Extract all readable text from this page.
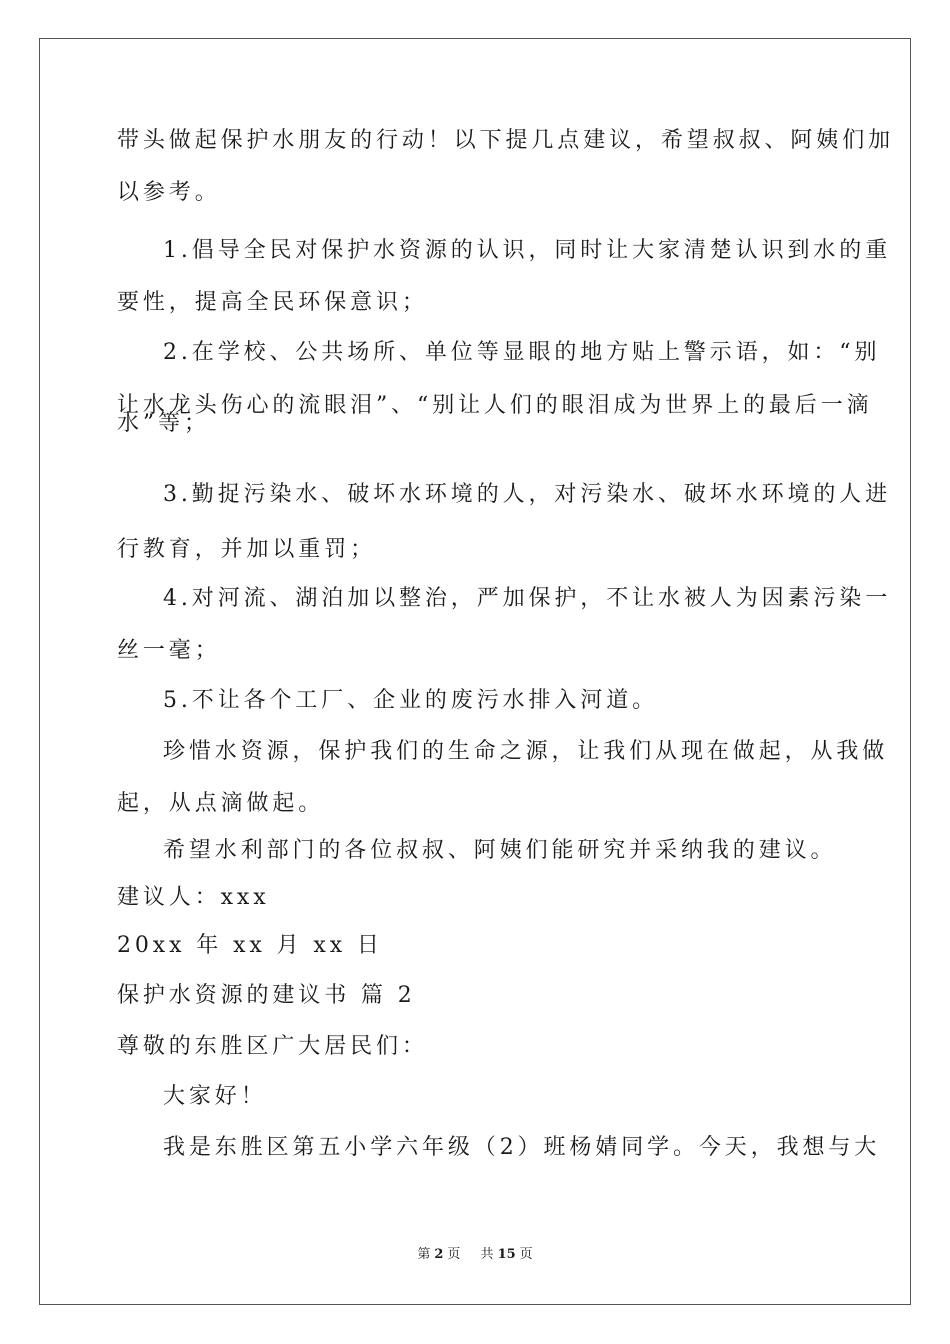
带头做起保护水朋友的行动！以下提几点建议，希望叔叔、阿姨们加
以参考。
1.倡导全民对保护水资源的认识，同时让大家清楚认识到水的重
要性，提高全民环保意识；
2.在学校、公共场所、单位等显眼的地方贴上警示语，如：“别
让水龙头伤心的流眼泪”、“别让人们的眼泪成为世界上的最后一滴
水”等；
3.勤捉污染水、破坏水环境的人，对污染水、破坏水环境的人进
行教育，并加以重罚；
4.对河流、湖泊加以整治，严加保护，不让水被人为因素污染一
丝一毫；
5.不让各个工厂、企业的废污水排入河道。
珍惜水资源，保护我们的生命之源，让我们从现在做起，从我做
起，从点滴做起。
希望水利部门的各位叔叔、阿姨们能研究并采纳我的建议。
建议人：xxx
20xx 年 xx 月 xx 日
保护水资源的建议书 篇 2
尊敬的东胜区广大居民们：
大家好！
我是东胜区第五小学六年级（2）班杨婧同学。今天，我想与大
第 2 页 共 15 页
